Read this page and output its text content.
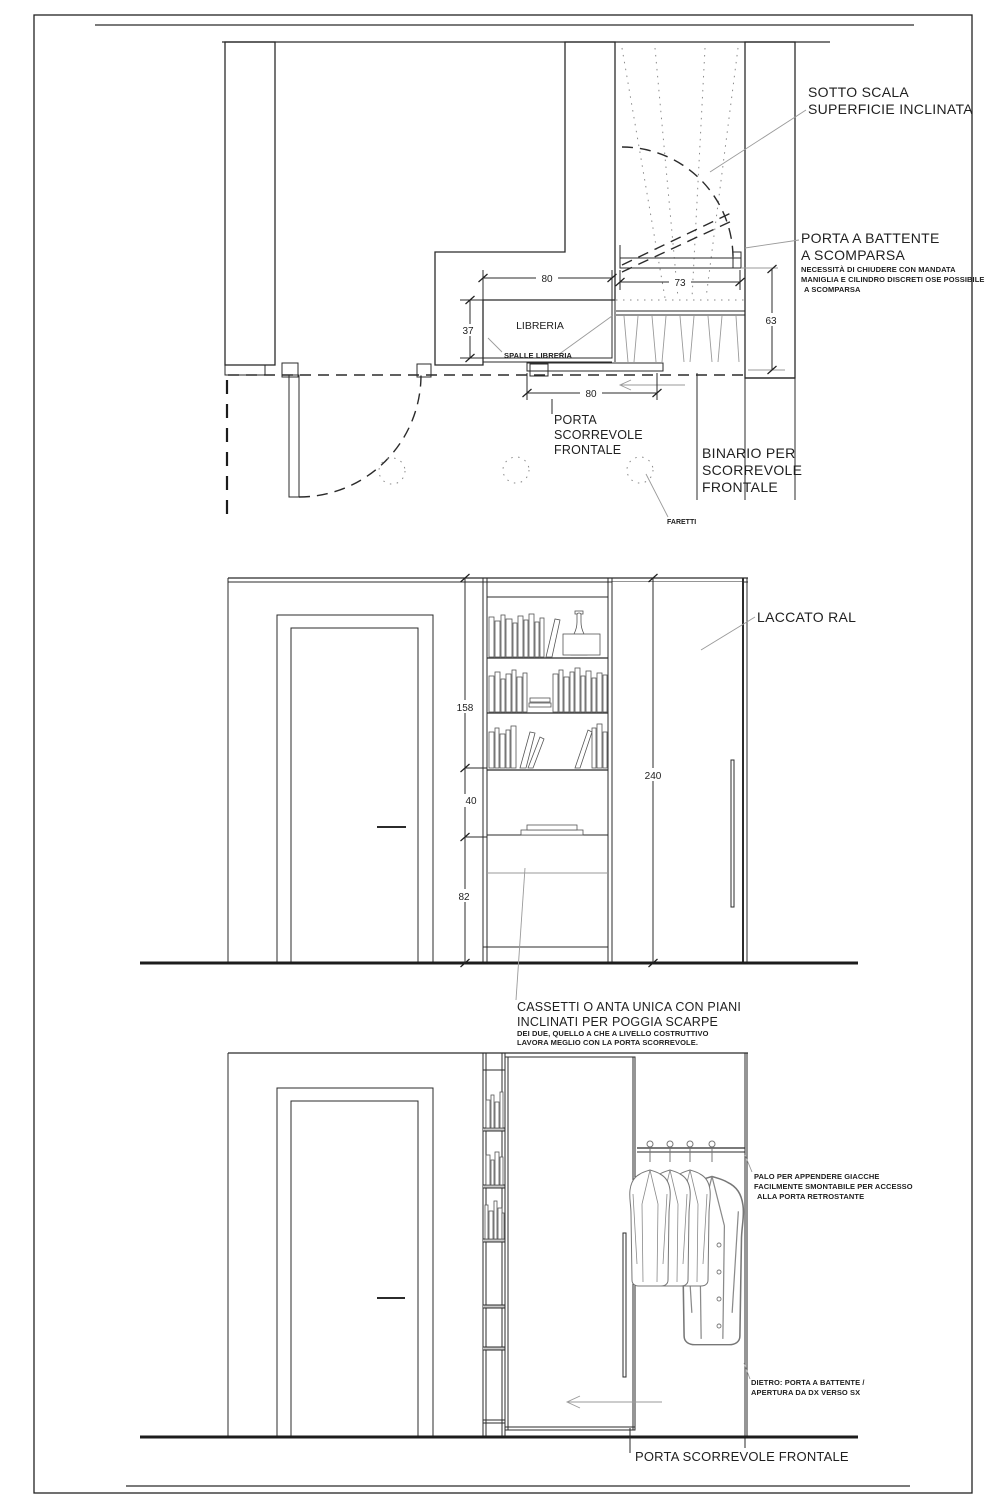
LIBRERIA
SPALLE LIBRERIA
80	73
37
63
80
FARETTI
SOTTO SCALA
SUPERFICIE INCLINATA
PORTA A BATTENTE
A SCOMPARSA
NECESSITÀ DI CHIUDERE CON MANDATA
MANIGLIA E CILINDRO DISCRETI OSE POSSIBILE
A SCOMPARSA
PORTA
SCORREVOLE
FRONTALE	BINARIO PER
SCORREVOLE
FRONTALE
158
40
82
240
LACCATO RAL
CASSETTI O ANTA UNICA CON PIANI
INCLINATI PER POGGIA SCARPE
DEI DUE, QUELLO A CHE A LIVELLO COSTRUTTIVO
LAVORA MEGLIO CON LA PORTA SCORREVOLE.
PALO PER APPENDERE GIACCHE
FACILMENTE SMONTABILE PER ACCESSO
ALLA PORTA RETROSTANTE
DIETRO: PORTA A BATTENTE /
APERTURA DA DX VERSO SX
PORTA SCORREVOLE FRONTALE
